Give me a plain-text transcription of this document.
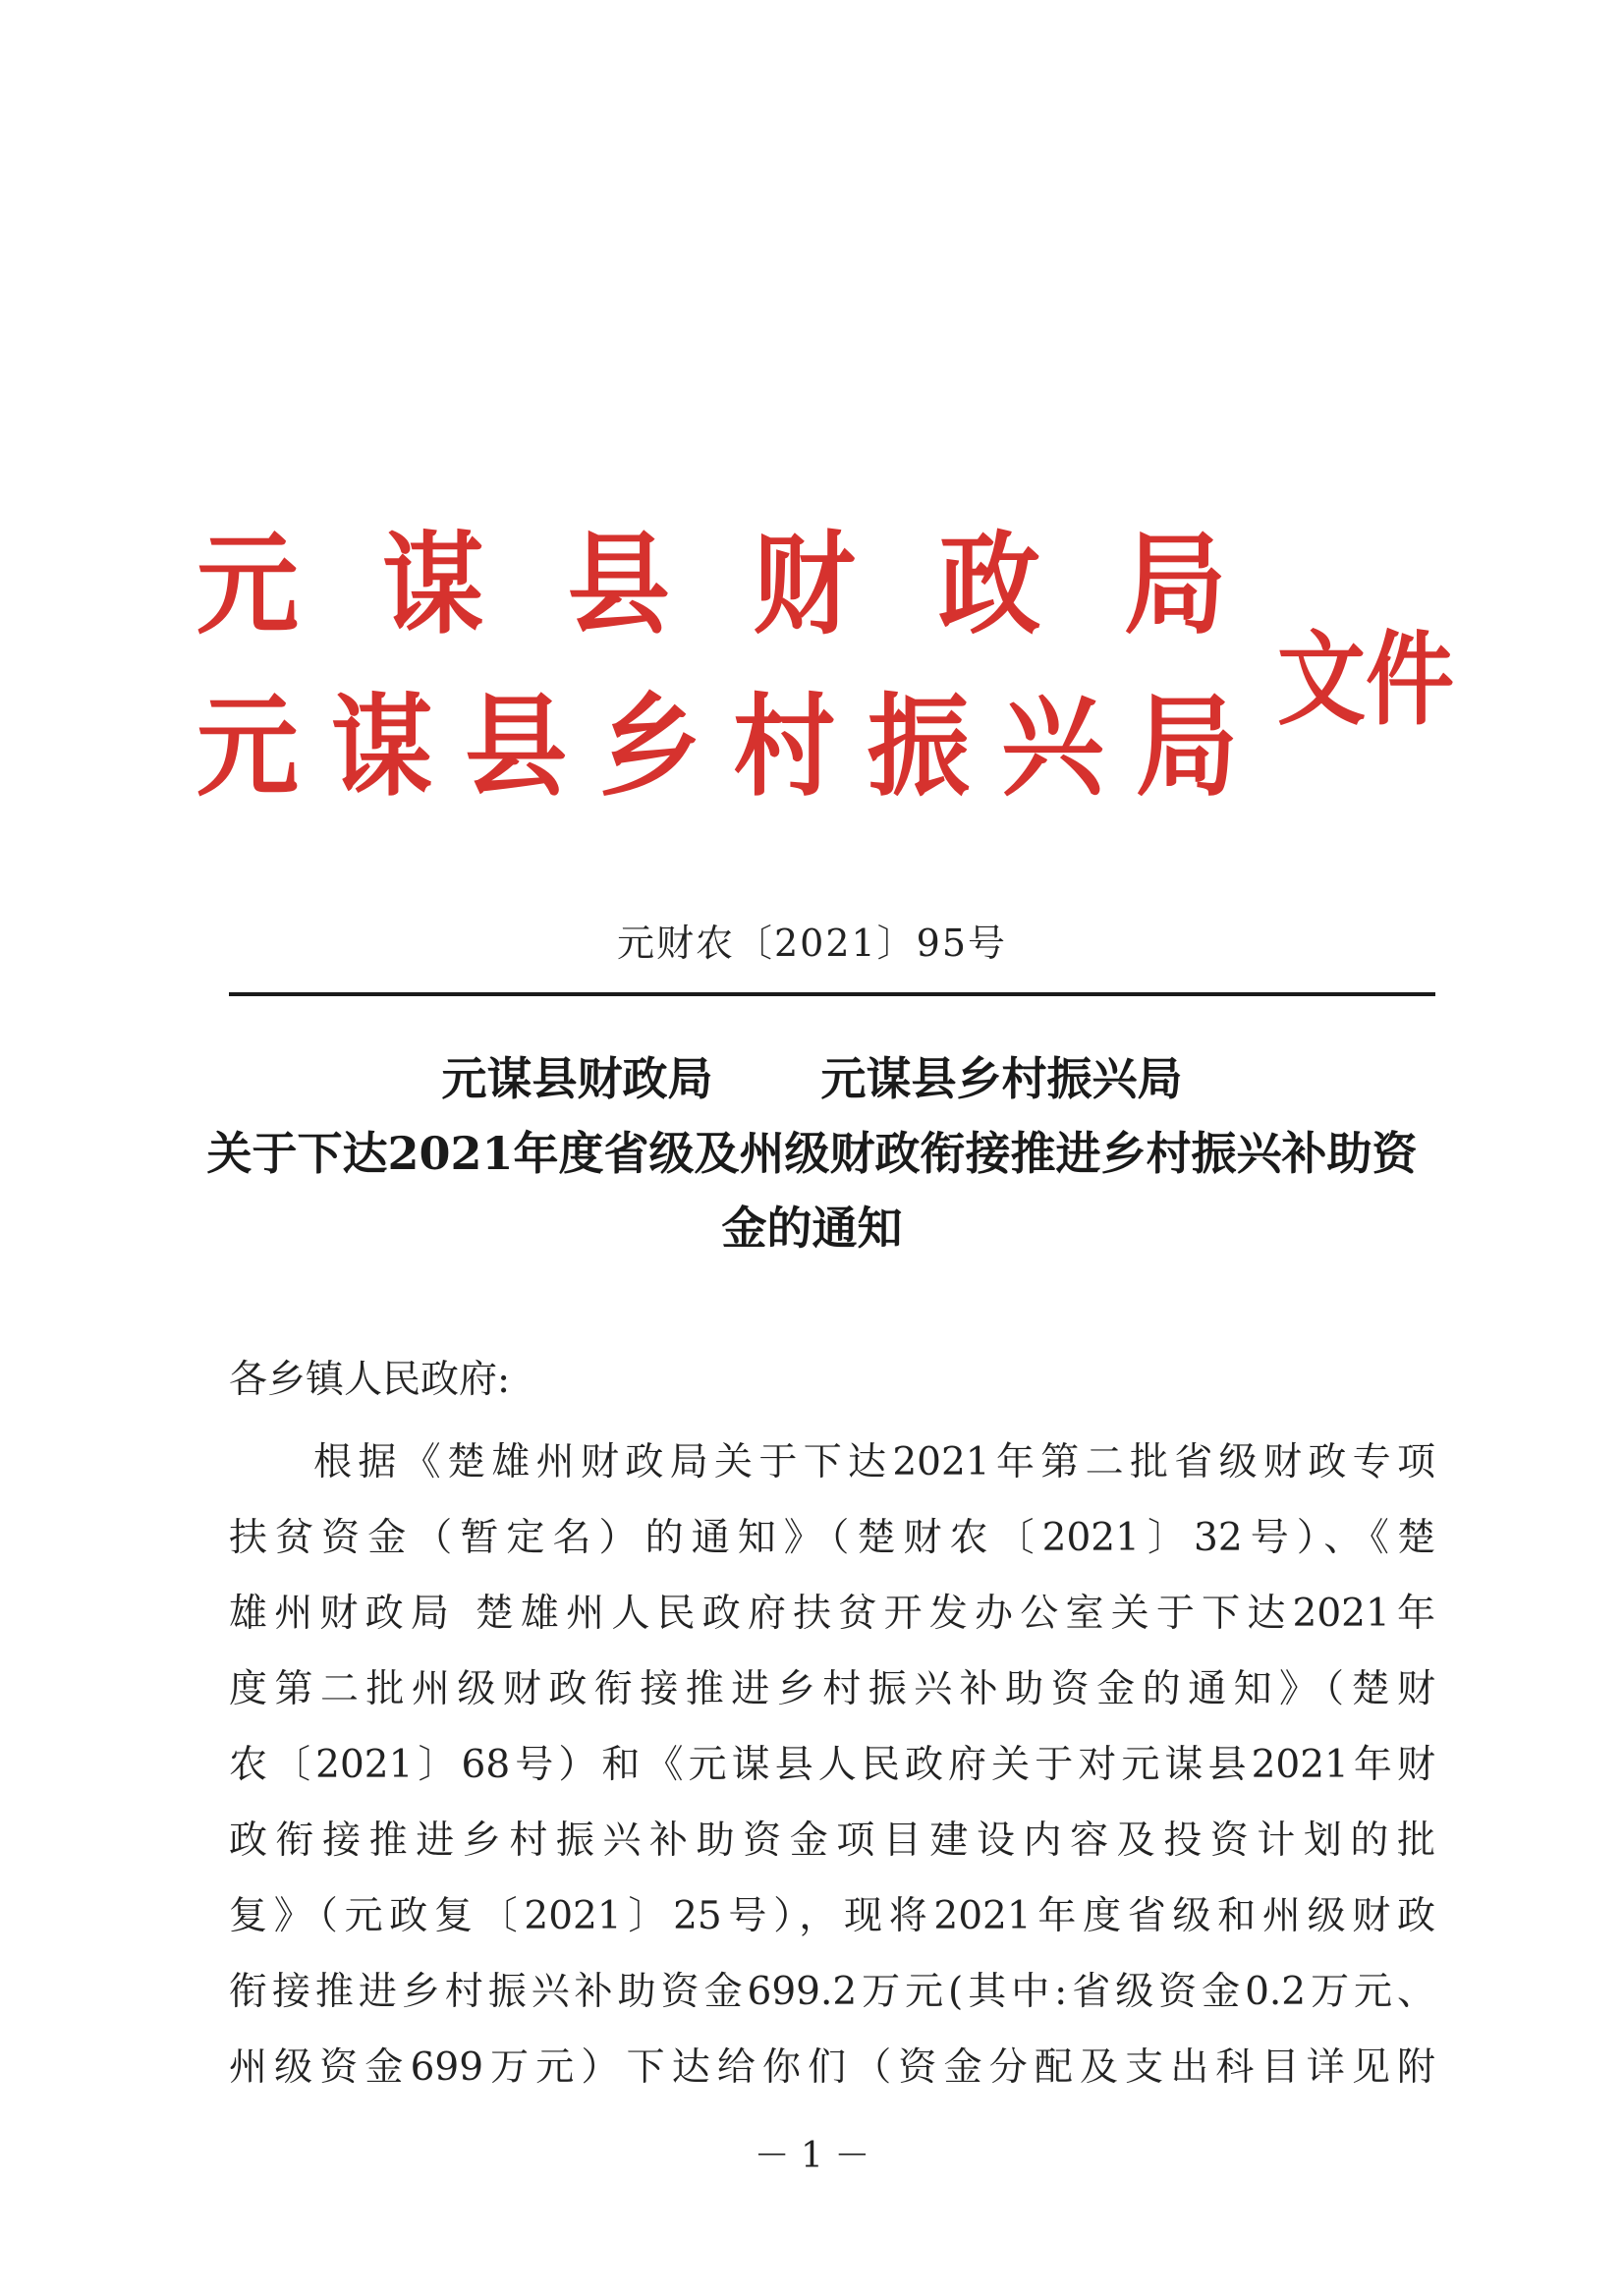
元 谋 县 财 政 局
元 谋 县 乡 村 振 兴 局
文件
元财农〔2021〕95号
元谋县财政局 元谋县乡村振兴局
关于下达2021年度省级及州级财政衔接推进乡村振兴补助资
金的通知
各乡镇人民政府:
根据《楚雄州财政局关于下达2021年第二批省级财政专项
扶贫资金（暂定名）的通知》（楚财农〔2021〕32号）、《楚
雄州财政局 楚雄州人民政府扶贫开发办公室关于下达2021年
度第二批州级财政衔接推进乡村振兴补助资金的通知》（楚财
农〔2021〕68号）和《元谋县人民政府关于对元谋县2021年财
政衔接推进乡村振兴补助资金项目建设内容及投资计划的批
复》（元政复〔2021〕25号），现将2021年度省级和州级财政
衔接推进乡村振兴补助资金699.2万元(其中:省级资金0.2万元、
州级资金699万元）下达给你们（资金分配及支出科目详见附
－ 1 －
